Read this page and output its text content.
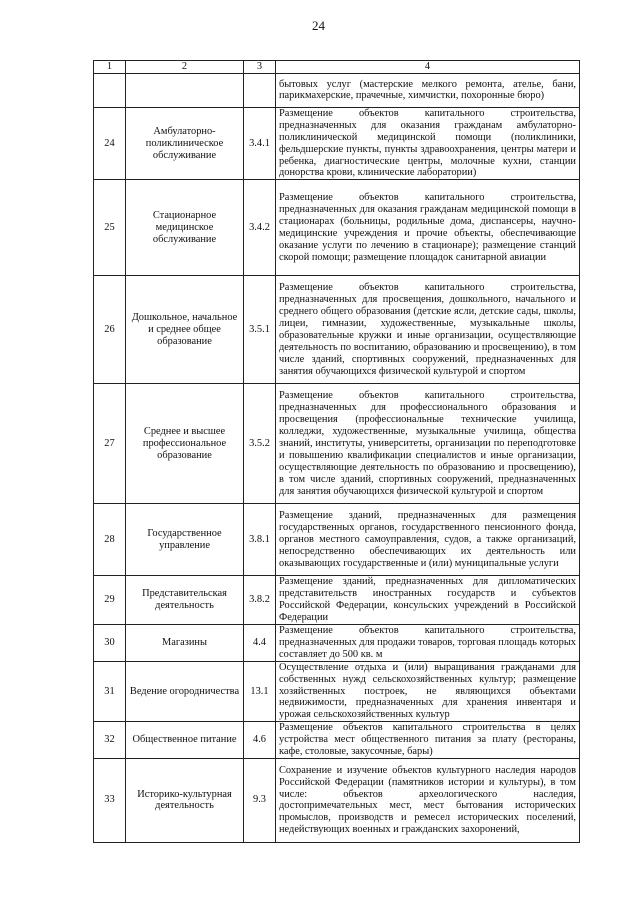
24
1	2	3	4
			бытовых услуг (мастерские мелкого ремонта, ателье, бани, парикмахерские, прачечные, химчистки, похоронные бюро)
24	Амбулаторно-поликлиническое обслуживание	3.4.1	Размещение объектов капитального строительства, предназначенных для оказания гражданам амбулаторно-поликлинической медицинской помощи (поликлиники, фельдшерские пункты, пункты здравоохранения, центры матери и ребенка, диагностические центры, молочные кухни, станции донорства крови, клинические лаборатории)
25	Стационарное медицинское обслуживание	3.4.2	Размещение объектов капитального строительства, предназначенных для оказания гражданам медицинской помощи в стационарах (больницы, родильные дома, диспансеры, научно-медицинские учреждения и прочие объекты, обеспечивающие оказание услуги по лечению в стационаре); размещение станций скорой помощи; размещение площадок санитарной авиации
26	Дошкольное, начальное и среднее общее образование	3.5.1	Размещение объектов капитального строительства, предназначенных для просвещения, дошкольного, начального и среднего общего образования (детские ясли, детские сады, школы, лицеи, гимназии, художественные, музыкальные школы, образовательные кружки и иные организации, осуществляющие деятельность по воспитанию, образованию и просвещению), в том числе зданий, спортивных сооружений, предназначенных для занятия обучающихся физической культурой и спортом
27	Среднее и высшее профессиональное образование	3.5.2	Размещение объектов капитального строительства, предназначенных для профессионального образования и просвещения (профессиональные технические училища, колледжи, художественные, музыкальные училища, общества знаний, институты, университеты, организации по переподготовке и повышению квалификации специалистов и иные организации, осуществляющие деятельность по образованию и просвещению), в том числе зданий, спортивных сооружений, предназначенных для занятия обучающихся физической культурой и спортом
28	Государственное управление	3.8.1	Размещение зданий, предназначенных для размещения государственных органов, государственного пенсионного фонда, органов местного самоуправления, судов, а также организаций, непосредственно обеспечивающих их деятельность или оказывающих государственные и (или) муниципальные услуги
29	Представительская деятельность	3.8.2	Размещение зданий, предназначенных для дипломатических представительств иностранных государств и субъектов Российской Федерации, консульских учреждений в Российской Федерации
30	Магазины	4.4	Размещение объектов капитального строительства, предназначенных для продажи товаров, торговая площадь которых составляет до 500 кв. м
31	Ведение огородничества	13.1	Осуществление отдыха и (или) выращивания гражданами для собственных нужд сельскохозяйственных культур; размещение хозяйственных построек, не являющихся объектами недвижимости, предназначенных для хранения инвентаря и урожая сельскохозяйственных культур
32	Общественное питание	4.6	Размещение объектов капитального строительства в целях устройства мест общественного питания за плату (рестораны, кафе, столовые, закусочные, бары)
33	Историко-культурная деятельность	9.3	Сохранение и изучение объектов культурного наследия народов Российской Федерации (памятников истории и культуры), в том числе: объектов археологического наследия, достопримечательных мест, мест бытования исторических промыслов, производств и ремесел исторических поселений, недействующих военных и гражданских захоронений,
